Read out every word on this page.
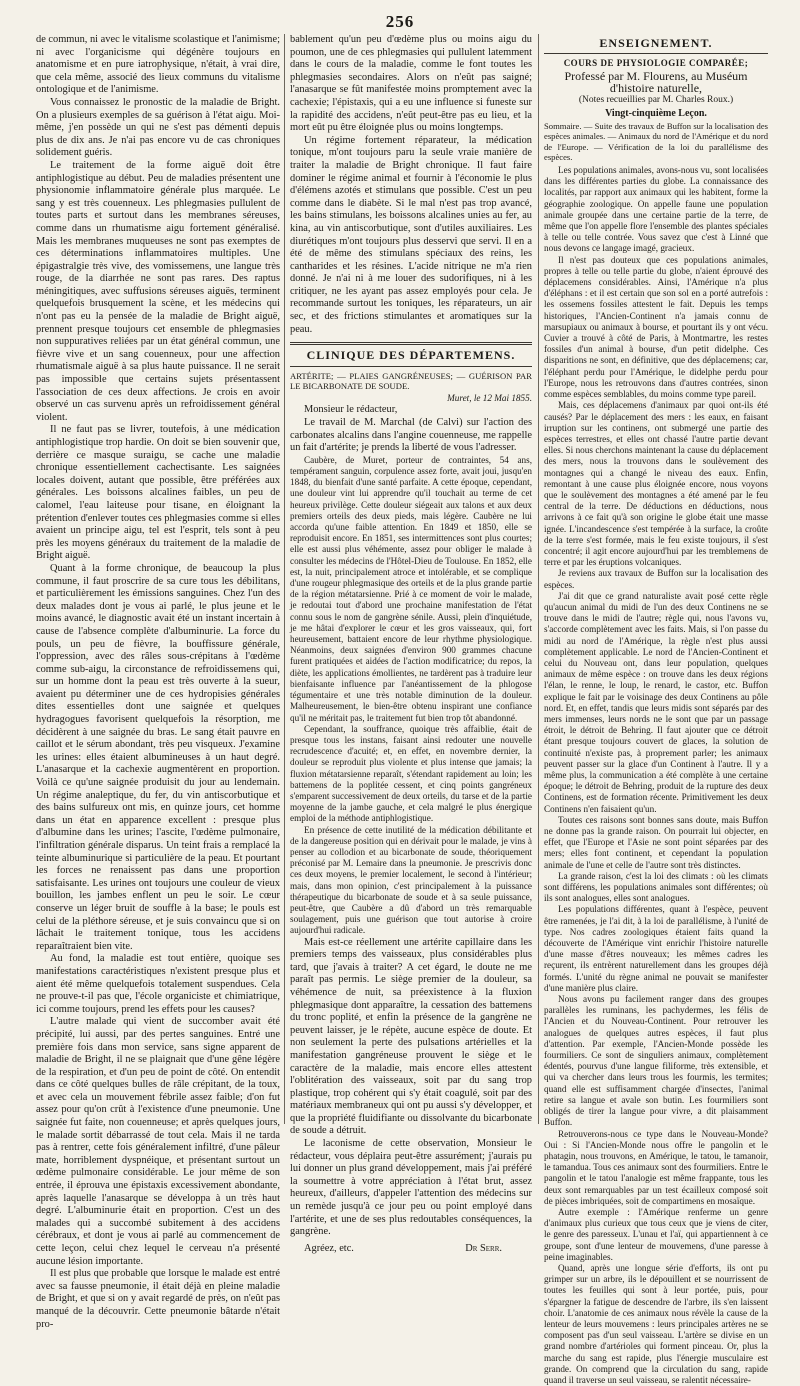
256

de commun, ni avec le vitalisme scolastique et l'animisme; ni avec l'organicisme qui dégénère toujours en anatomisme et en pure iatrophysique, n'était, à vrai dire, que cela même, associé des lieux communs du vitalisme ontologique et de l'animisme.

Vous connaissez le pronostic de la maladie de Bright. On a plusieurs exemples de sa guérison à l'état aigu. Moi-même, j'en possède un qui ne s'est pas démenti depuis plus de dix ans. Je n'ai pas encore vu de cas chroniques solidement guéris.

Le traitement de la forme aiguë doit être antiphlogistique au début. Peu de maladies présentent une physionomie inflammatoire générale plus marquée. Le sang y est très couenneux. Les phlegmasies pullulent de toutes parts et surtout dans les membranes séreuses, comme dans un rhumatisme aigu fortement généralisé. Mais les membranes muqueuses ne sont pas exemptes de ces déterminations inflammatoires multiples. Une épigastralgie très vive, des vomissemens, une langue très rouge, de la diarrhée ne sont pas rares. Des raptus méningitiques, avec suffusions séreuses aiguës, terminent quelquefois brusquement la scène, et les médecins qui n'ont pas eu la pensée de la maladie de Bright aiguë, prennent presque toujours cet ensemble de phlegmasies non suppuratives reliées par un état général commun, une fièvre vive et un sang couenneux, pour une affection rhumatismale aiguë à sa plus haute puissance. Il ne serait pas impossible que certains sujets présentassent l'association de ces deux affections. Je crois en avoir observé un cas survenu après un refroidissement général violent.

Il ne faut pas se livrer, toutefois, à une médication antiphlogistique trop hardie. On doit se bien souvenir que, derrière ce masque suraigu, se cache une maladie chronique essentiellement cachectisante. Les saignées locales doivent, autant que possible, être préférées aux générales. Les boissons alcalines faibles, un peu de calomel, l'eau laiteuse pour tisane, en éloignant la prétention d'enlever toutes ces phlegmasies comme si elles avaient un principe aigu, tel est l'esprit, tels sont à peu près les moyens généraux du traitement de la maladie de Bright aiguë.

Quant à la forme chronique, de beaucoup la plus commune, il faut proscrire de sa cure tous les débilitans, et particulièrement les émissions sanguines. Chez l'un des deux malades dont je vous ai parlé, le plus jeune et le moins avancé, le diagnostic avait été un instant incertain à cause de l'absence complète d'albuminurie. La force du pouls, un peu de fièvre, la bouffissure générale, l'oppression, avec des râles sous-crépitans à l'œdème comme sub-aigu, la circonstance de refroidissemens qui, sur un homme dont la peau est très ouverte à la sueur, avaient pu déterminer une de ces hydropisies générales dites essentielles dont une saignée et quelques hydragogues favorisent quelquefois la résorption, me décidèrent à une saignée du bras. Le sang était pauvre en caillot et le sérum abondant, très peu visqueux. J'examine les urines: elles étaient albumineuses à un haut degré. L'anasarque et la cachexie augmentèrent en proportion. Voilà ce qu'une saignée produisit du jour au lendemain. Un régime analeptique, du fer, du vin antiscorbutique et des bains sulfureux ont mis, en quinze jours, cet homme dans un état en apparence excellent : presque plus d'albumine dans les urines; l'ascite, l'œdème pulmonaire, l'infiltration générale disparus. Un teint frais a remplacé la teinte albuminurique si particulière de la peau. Et pourtant les forces ne renaissent pas dans une proportion satisfaisante. Les urines ont toujours une couleur de vieux bouillon, les jambes enflent un peu le soir. Le cœur conserve un léger bruit de souffle à la base; le pouls est celui de la pléthore séreuse, et je suis convaincu que si on lâchait le traitement tonique, tous les accidens reparaîtraient bien vite.

Au fond, la maladie est tout entière, quoique ses manifestations caractéristiques n'existent presque plus et aient été même quelquefois totalement suspendues. Cela ne prouve-t-il pas que, l'école organiciste et chimiatrique, ici comme toujours, prend les effets pour les causes?

L'autre malade qui vient de succomber avait été précipité, lui aussi, par des pertes sanguines. Entré une première fois dans mon service, sans signe apparent de maladie de Bright, il ne se plaignait que d'une gêne légère de la respiration, et d'un peu de point de côté. On entendit dans ce côté quelques bulles de râle crépitant, de la toux, et avec cela un mouvement fébrile assez faible; d'on fut assez pour qu'on crût à l'existence d'une pneumonie. Une saignée fut faite, non couenneuse; et après quelques jours, le malade sortit débarrassé de tout cela. Mais il ne tarda pas à rentrer, cette fois généralement infiltré, d'une pâleur mate, horriblement dyspnéique, et présentant surtout un œdème pulmonaire considérable. Le jour même de son entrée, il éprouva une épistaxis excessivement abondante, après laquelle l'anasarque se développa à un très haut degré. L'albuminurie était en proportion. C'est un des malades qui a succombé subitement à des accidens cérébraux, et dont je vous ai parlé au commencement de cette leçon, celui chez lequel le cerveau n'a présenté aucune lésion importante.

Il est plus que probable que lorsque le malade est entré avec sa fausse pneumonie, il était déjà en pleine maladie de Bright, et que si on y avait regardé de près, on n'eût pas manqué de la découvrir. Cette pneumonie bâtarde n'était pro-

bablement qu'un peu d'œdème plus ou moins aigu du poumon, une de ces phlegmasies qui pullulent latemment dans le cours de la maladie, comme le font toutes les phlegmasies secondaires. Alors on n'eût pas saigné; l'anasarque se fût manifestée moins promptement avec la cachexie; l'épistaxis, qui a eu une influence si funeste sur la rapidité des accidens, n'eût peut-être pas eu lieu, et la mort eût pu être éloignée plus ou moins longtemps.

Un régime fortement réparateur, la médication tonique, m'ont toujours paru la seule vraie manière de traiter la maladie de Bright chronique. Il faut faire dominer le régime animal et fournir à l'économie le plus d'élémens azotés et stimulans que possible. C'est un peu comme dans le diabète. Si le mal n'est pas trop avancé, les bains stimulans, les boissons alcalines unies au fer, au kina, au vin antiscorbutique, sont d'utiles auxiliaires. Les diurétiques m'ont toujours plus desservi que servi. Il en a été de même des stimulans spéciaux des reins, les cantharides et les résines. L'acide nitrique ne m'a rien donné. Je n'ai ni à me louer des sudorifiques, ni à les critiquer, ne les ayant pas assez employés pour cela. Je recommande surtout les toniques, les réparateurs, un air sec, et des frictions stimulantes et aromatiques sur la peau.

CLINIQUE DES DÉPARTEMENS.
ARTÉRITE; — PLAIES GANGRÉNEUSES; — GUÉRISON PAR LE BICARBONATE DE SOUDE.
Muret, le 12 Mai 1855.

Monsieur le rédacteur,

Le travail de M. Marchal (de Calvi) sur l'action des carbonates alcalins dans l'angine couenneuse, me rappelle un fait d'artérite; je prends la liberté de vous l'adresser.

Caubère, de Muret, porteur de contraintes, 54 ans, tempérament sanguin, corpulence assez forte, avait joui, jusqu'en 1848, du bienfait d'une santé parfaite. A cette époque, cependant, une douleur vint lui apprendre qu'il touchait au terme de cet heureux privilège. Cette douleur siégeait aux talons et aux deux premiers orteils des deux pieds, mais légère. Caubère ne lui accorda qu'une faible attention. En 1849 et 1850, elle se reproduisit encore. En 1851, ses intermittences sont plus courtes; elle est aussi plus véhémente, assez pour obliger le malade à consulter les médecins de l'Hôtel-Dieu de Toulouse. En 1852, elle est, la nuit, principalement atroce et intolérable, et se complique d'une rougeur phlegmasique des orteils et de la plus grande partie de la région métatarsienne. Prié à ce moment de voir le malade, je redoutai tout d'abord une prochaine manifestation de l'état connu sous le nom de gangrène sénile. Aussi, plein d'inquiétude, je me hâtai d'explorer le cœur et les gros vaisseaux, qui, fort heureusement, battaient encore de leur rhythme physiologique. Néanmoins, deux saignées d'environ 900 grammes chacune furent pratiquées et aidées de l'action modificatrice; du repos, la diète, les applications émollientes, ne tardèrent pas à traduire leur bienfaisante influence par l'anéantissement de la phlogose tégumentaire et une très notable diminution de la douleur. Malheureusement, le bien-être obtenu inspirant une confiance qu'il ne méritait pas, le traitement fut bien trop tôt abandonné.

Cependant, la souffrance, quoique très affaiblie, était de presque tous les instans, faisant ainsi redouter une nouvelle recrudescence d'acuité; et, en effet, en novembre dernier, la douleur se reproduit plus violente et plus intense que jamais; la fluxion métatarsienne reparaît, s'étendant rapidement au loin; les battemens de la poplitée cessent, et cinq points gangréneux s'emparent successivement de deux orteils, du tarse et de la partie moyenne de la jambe gauche, et cela malgré le plus énergique emploi de la méthode antiphlogistique.

En présence de cette inutilité de la médication débilitante et de la dangereuse position qui en dérivait pour le malade, je vins à penser au collodion et au bicarbonate de soude, théoriquement préconisé par M. Lemaire dans la pneumonie. Je prescrivis donc ces deux moyens, le premier localement, le second à l'intérieur; mais, dans mon opinion, c'est principalement à la puissance thérapeutique du bicarbonate de soude et à sa seule puissance, peut-être, que Caubère a dû d'abord un très remarquable soulagement, puis une guérison que tout autorise à croire aujourd'hui radicale.

Mais est-ce réellement une artérite capillaire dans les premiers temps des vaisseaux, plus considérables plus tard, que j'avais à traiter? A cet égard, le doute ne me paraît pas permis. Le siège premier de la douleur, sa véhémence de nuit, sa préexistence à la fluxion phlegmasique dont apparaître, la cessation des battemens du tronc poplité, et enfin la présence de la gangrène ne peuvent laisser, je le répète, aucune espèce de doute. Et non seulement la perte des pulsations artérielles et la manifestation gangréneuse prouvent le siège et le caractère de la maladie, mais encore elles attestent l'oblitération des vaisseaux, soit par du sang trop plastique, trop cohérent qui s'y était coagulé, soit par des matériaux membraneux qui ont pu aussi s'y développer, et que la propriété fluidifiante ou dissolvante du bicarbonate de soude a détruit.

Le laconisme de cette observation, Monsieur le rédacteur, vous déplaira peut-être assurément; j'aurais pu lui donner un plus grand développement, mais j'ai préféré la soumettre à votre appréciation à l'état brut, assez heureux, d'ailleurs, d'appeler l'attention des médecins sur un remède jusqu'à ce jour peu ou point employé dans l'artérite, et une de ses plus redoutables conséquences, la gangrène.

Agréez, etc.	Dr Serr.
ENSEIGNEMENT.
COURS DE PHYSIOLOGIE COMPARÉE;
Professé par M. Flourens, au Muséum d'histoire naturelle,
(Notes recueillies par M. Charles Roux.)
Vingt-cinquième Leçon.
Sommaire. — Suite des travaux de Buffon sur la localisation des espèces animales. — Animaux du nord de l'Amérique et du nord de l'Europe. — Vérification de la loi du parallélisme des espèces.

Les populations animales, avons-nous vu, sont localisées dans les différentes parties du globe. La connaissance des localités, par rapport aux animaux qui les habitent, forme la géographie zoologique. On appelle faune une population animale groupée dans une certaine partie de la terre, de même que l'on appelle flore l'ensemble des plantes spéciales à telle ou telle contrée. Vous savez que c'est à Linné que nous devons ce langage imagé, gracieux.

Il n'est pas douteux que ces populations animales, propres à telle ou telle partie du globe, n'aient éprouvé des déplacemens considérables. Ainsi, l'Amérique n'a plus d'éléphans : et il est certain que son sol en a porté autrefois : les ossemens fossiles attestent le fait. Depuis les temps historiques, l'Ancien-Continent n'a jamais connu de marsupiaux ou animaux à bourse, et pourtant ils y ont vécu. Cuvier a trouvé à côté de Paris, à Montmartre, les restes fossiles d'un animal à bourse, d'un petit didelphe. Ces disparitions ne sont, en définitive, que des déplacemens; car, l'éléphant perdu pour l'Amérique, le didelphe perdu pour l'Europe, nous les retrouvons dans d'autres contrées, sinon comme espèces semblables, du moins comme type pareil.

Mais, ces déplacemens d'animaux par quoi ont-ils été causés? Par le déplacement des mers : les eaux, en faisant irruption sur les continens, ont submergé une partie des espèces terrestres, et elles ont chassé l'autre partie devant elles. Si nous cherchons maintenant la cause du déplacement des mers, nous la trouvons dans le soulèvement des montagnes qui a changé le niveau des eaux. Enfin, remontant à une cause plus éloignée encore, nous voyons que le soulèvement des montagnes a été amené par le feu central de la terre. De déductions en déductions, nous arrivons à ce fait qu'à son origine le globe était une masse ignée. L'incandescence s'est tempérée à la surface, la croûte de la terre s'est formée, mais le feu existe toujours, il s'est concentré; il agit encore aujourd'hui par les tremblemens de terre et par les éruptions volcaniques.

Je reviens aux travaux de Buffon sur la localisation des espèces.

J'ai dit que ce grand naturaliste avait posé cette règle qu'aucun animal du midi de l'un des deux Continens ne se trouve dans le midi de l'autre; règle qui, nous l'avons vu, s'accorde complètement avec les faits. Mais, si l'on passe du midi au nord de l'Amérique, la règle n'est plus aussi complètement applicable. Le nord de l'Ancien-Continent et celui du Nouveau ont, dans leur population, quelques animaux de même espèce : on trouve dans les deux régions l'élan, le renne, le loup, le renard, le castor, etc. Buffon explique le fait par le voisinage des deux Continens au pôle nord. Et, en effet, tandis que leurs midis sont séparés par des mers immenses, leurs nords ne le sont que par un passage étroit, le détroit de Behring. Il faut ajouter que ce détroit étant presque toujours couvert de glaces, la solution de continuité n'existe pas, à proprement parler; les animaux peuvent passer sur la glace d'un Continent à l'autre. Il y a même plus, la communication a été complète à une certaine époque; le détroit de Behring, produit de la rupture des deux Continens, est de formation récente. Primitivement les deux Continens n'en faisaient qu'un.

Toutes ces raisons sont bonnes sans doute, mais Buffon ne donne pas la grande raison. On pourrait lui objecter, en effet, que l'Europe et l'Asie ne sont point séparées par des mers; elles font continent, et cependant la population animale de l'une et celle de l'autre sont très distinctes.

La grande raison, c'est la loi des climats : où les climats sont différens, les populations animales sont différentes; où ils sont analogues, elles sont analogues.

Les populations différentes, quant à l'espèce, peuvent être ramenées, je l'ai dit, à la loi de parallélisme, à l'unité de type. Nos cadres zoologiques étaient faits quand la découverte de l'Amérique vint enrichir l'histoire naturelle d'une masse d'êtres nouveaux; les mêmes cadres les reçurent, ils entrèrent naturellement dans les groupes déjà formés. L'unité du règne animal ne pouvait se manifester d'une manière plus claire.

Nous avons pu facilement ranger dans des groupes parallèles les ruminans, les pachydermes, les félis de l'Ancien et du Nouveau-Continent. Pour retrouver les analogues de quelques autres espèces, il faut plus d'attention. Par exemple, l'Ancien-Monde possède les fourmiliers. Ce sont de singuliers animaux, complètement édentés, pourvus d'une langue filiforme, très extensible, et qui va chercher dans leurs trous les fourmis, les termites; quand elle est suffisamment chargée d'insectes, l'animal retire sa langue et avale son butin. Les fourmiliers sont obligés de tirer la langue pour vivre, a dit plaisamment Buffon.

Retrouverons-nous ce type dans le Nouveau-Monde? Oui : Si l'Ancien-Monde nous offre le pangolin et le phatagin, nous trouvons, en Amérique, le tatou, le tamanoir, le tamandua. Tous ces animaux sont des fourmiliers. Entre le pangolin et le tatou l'analogie est même frappante, tous les deux sont remarquables par un test écailleux composé soit de pièces imbriquées, soit de compartimens en mosaïque.

Autre exemple : l'Amérique renferme un genre d'animaux plus curieux que tous ceux que je viens de citer, le genre des paresseux. L'unau et l'aï, qui appartiennent à ce groupe, sont d'une lenteur de mouvemens, d'une paresse à peine imaginables.

Quand, après une longue série d'efforts, ils ont pu grimper sur un arbre, ils le dépouillent et se nourrissent de toutes les feuilles qui sont à leur portée, puis, pour s'épargner la fatigue de descendre de l'arbre, ils s'en laissent choir. L'anatomie de ces animaux nous révèle la cause de la lenteur de leurs mouvemens : leurs principales artères ne se composent pas d'un seul vaisseau. L'artère se divise en un grand nombre d'artérioles qui forment pinceau. Or, plus la marche du sang est rapide, plus l'énergie musculaire est grande. On comprend que la circulation du sang, rapide quand il traverse un seul vaisseau, se ralentit nécessaire-
